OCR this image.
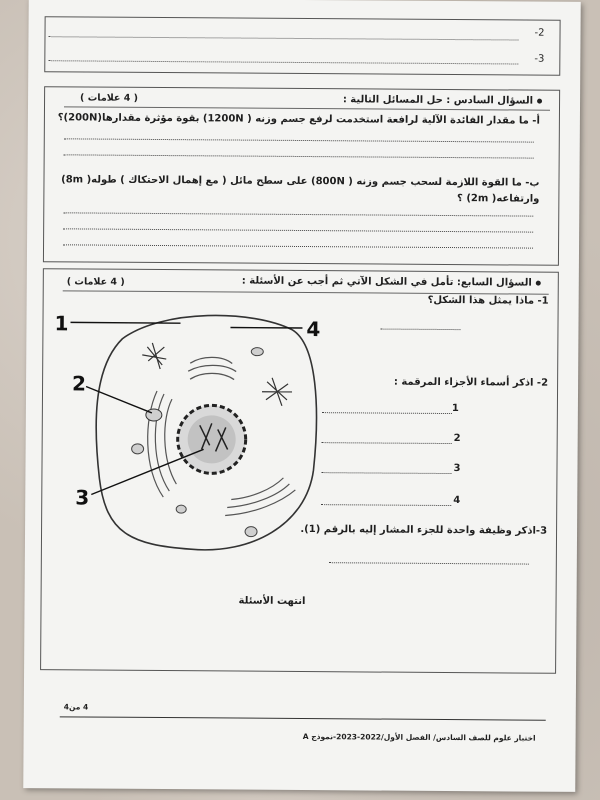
-2
-3
السؤال السادس : حل المسائل التالية :
( 4 علامات )
أ- ما مقدار الفائدة الآلية لرافعة استخدمت لرفع جسم وزنه ( 1200N) بقوة مؤثرة مقدارها(200N)؟
ب- ما القوة اللازمة لسحب جسم وزنه ( 800N) على سطح مائل ( مع إهمال الاحتكاك ) طوله( 8m)
وارتفاعه( 2m) ؟
السؤال السابع: تأمل في الشكل الآتي ثم أجب عن الأسئلة :
( 4 علامات )
1- ماذا يمثل هذا الشكل؟
2- اذكر أسماء الأجزاء المرقمة :
1
2
3
4
3-اذكر وظيفة واحدة للجزء المشار إليه بالرقم (1).
1	4
2
3
انتهت الأسئلة
4 من4
اختبار علوم للصف السادس/ الفصل الأول/2022-2023-نموذج A
